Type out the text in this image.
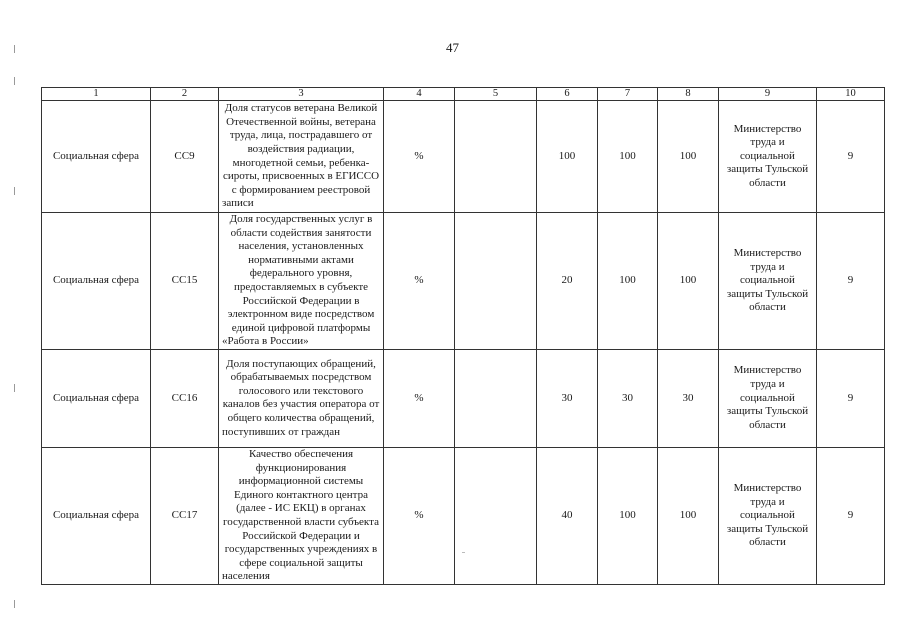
47
1	2	3	4	5	6	7	8	9	10
Социальная сфера	СС9	Доля статусов ветерана Великой Отечественной войны, ветерана труда, лица, пострадавшего от воздействия радиации, многодетной семьи, ребенка-сироты, присвоенных в ЕГИССО с формированием реестровой записи	%		100	100	100	Министерство труда и социальной защиты Тульской области	9
Социальная сфера	СС15	Доля государственных услуг в области содействия занятости населения, установленных нормативными актами федерального уровня, предоставляемых в субъекте Российской Федерации в электронном виде посредством единой цифровой платформы «Работа в России»	%		20	100	100	Министерство труда и социальной защиты Тульской области	9
Социальная сфера	СС16	Доля поступающих обращений, обрабатываемых посредством голосового или текстового каналов без участия оператора от общего количества обращений, поступивших от граждан	%		30	30	30	Министерство труда и социальной защиты Тульской области	9
Социальная сфера	СС17	Качество обеспечения функционирования информационной системы Единого контактного центра (далее - ИС ЕКЦ) в органах государственной власти субъекта Российской Федерации и государственных учреждениях в сфере социальной защиты населения	%		40	100	100	Министерство труда и социальной защиты Тульской области	9
